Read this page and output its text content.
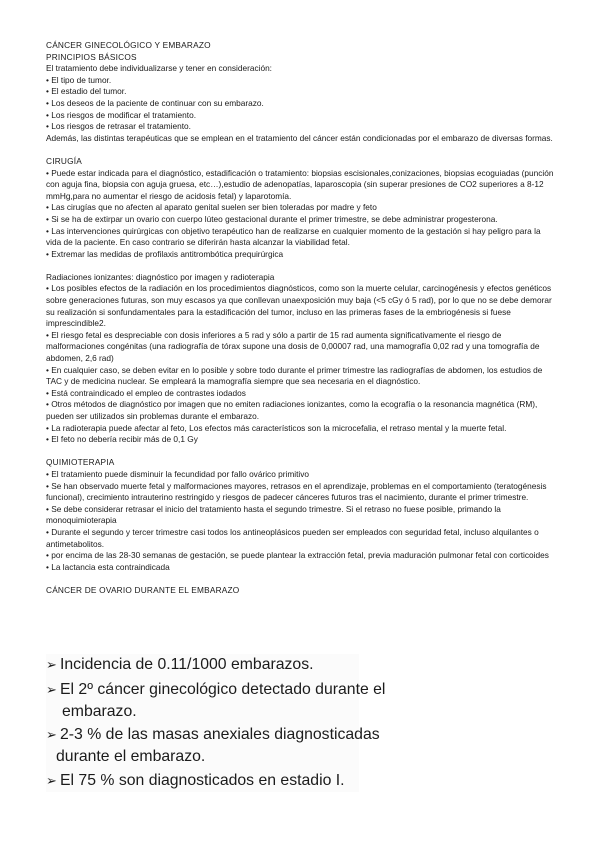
CÁNCER GINECOLÓGICO Y EMBARAZO

PRINCIPIOS BÁSICOS

El tratamiento debe individualizarse y tener en consideración:

• El tipo de tumor.

• El estadio del tumor.

• Los deseos de la paciente de continuar con su embarazo.

• Los riesgos de modificar el tratamiento.

• Los riesgos de retrasar el tratamiento.

Además, las distintas terapéuticas que se emplean en el tratamiento del cáncer están condicionadas por el embarazo de diversas formas.

CIRUGÍA

• Puede estar indicada para el diagnóstico, estadificación o tratamiento: biopsias escisionales,conizaciones, biopsias ecoguiadas (punción con aguja fina, biopsia con aguja gruesa, etc…),estudio de adenopatías, laparoscopia (sin superar presiones de CO2 superiores a 8-12 mmHg,para no aumentar el riesgo de acidosis fetal) y laparotomía.

• Las cirugías que no afecten al aparato genital suelen ser bien toleradas por madre y feto

• Si se ha de extirpar un ovario con cuerpo lúteo gestacional durante el primer trimestre, se debe administrar progesterona.

• Las intervenciones quirúrgicas con objetivo terapéutico han de realizarse en cualquier momento de la gestación si hay peligro para la vida de la paciente. En caso contrario se diferirán hasta alcanzar la viabilidad fetal.

• Extremar las medidas de profilaxis antitrombótica prequirúrgica

Radiaciones ionizantes: diagnóstico por imagen y radioterapia

• Los posibles efectos de la radiación en los procedimientos diagnósticos, como son la muerte celular, carcinogénesis y efectos genéticos sobre generaciones futuras, son muy escasos ya que conllevan unaexposición muy baja (<5 cGy ó 5 rad), por lo que no se debe demorar su realización si sonfundamentales para la estadificación del tumor, incluso en las primeras fases de la embriogénesis si fuese imprescindible2.

• El riesgo fetal es despreciable con dosis inferiores a 5 rad y sólo a partir de 15 rad aumenta significativamente el riesgo de malformaciones congénitas (una radiografía de tórax supone una dosis de 0,00007 rad, una mamografía 0,02 rad y una tomografía de abdomen, 2,6 rad)

• En cualquier caso, se deben evitar en lo posible y sobre todo durante el primer trimestre las radiografías de abdomen, los estudios de TAC y de medicina nuclear. Se empleará la mamografía siempre que sea necesaria en el diagnóstico.

• Está contraindicado el empleo de contrastes iodados

• Otros métodos de diagnóstico por imagen que no emiten radiaciones ionizantes, como la ecografía o la resonancia magnética (RM), pueden ser utilizados sin problemas durante el embarazo.

• La radioterapia puede afectar al feto, Los efectos más característicos son la microcefalia, el retraso mental y la muerte fetal.

• El feto no debería recibir más de 0,1 Gy

QUIMIOTERAPIA

• El tratamiento puede disminuir la fecundidad por fallo ovárico primitivo

• Se han observado muerte fetal y malformaciones mayores, retrasos en el aprendizaje, problemas en el comportamiento (teratogénesis funcional), crecimiento intrauterino restringido y riesgos de padecer cánceres futuros tras el nacimiento, durante el primer trimestre.

• Se debe considerar retrasar el inicio del tratamiento hasta el segundo trimestre. Si el retraso no fuese posible, primando la monoquimioterapia

• Durante el segundo y tercer trimestre casi todos los antineoplásicos pueden ser empleados con seguridad fetal, incluso alquilantes o antimetabolitos.

• por encima de las 28-30 semanas de gestación, se puede plantear la extracción fetal, previa maduración pulmonar fetal con corticoides

• La lactancia esta contraindicada

CÁNCER DE OVARIO DURANTE EL EMBARAZO

➢ Incidencia de 0.11/1000 embarazos.
➢ El 2º cáncer ginecológico detectado durante el
embarazo.
➢ 2-3 % de las masas anexiales diagnosticadas
durante el embarazo.
➢ El 75 % son diagnosticados en estadio I.
